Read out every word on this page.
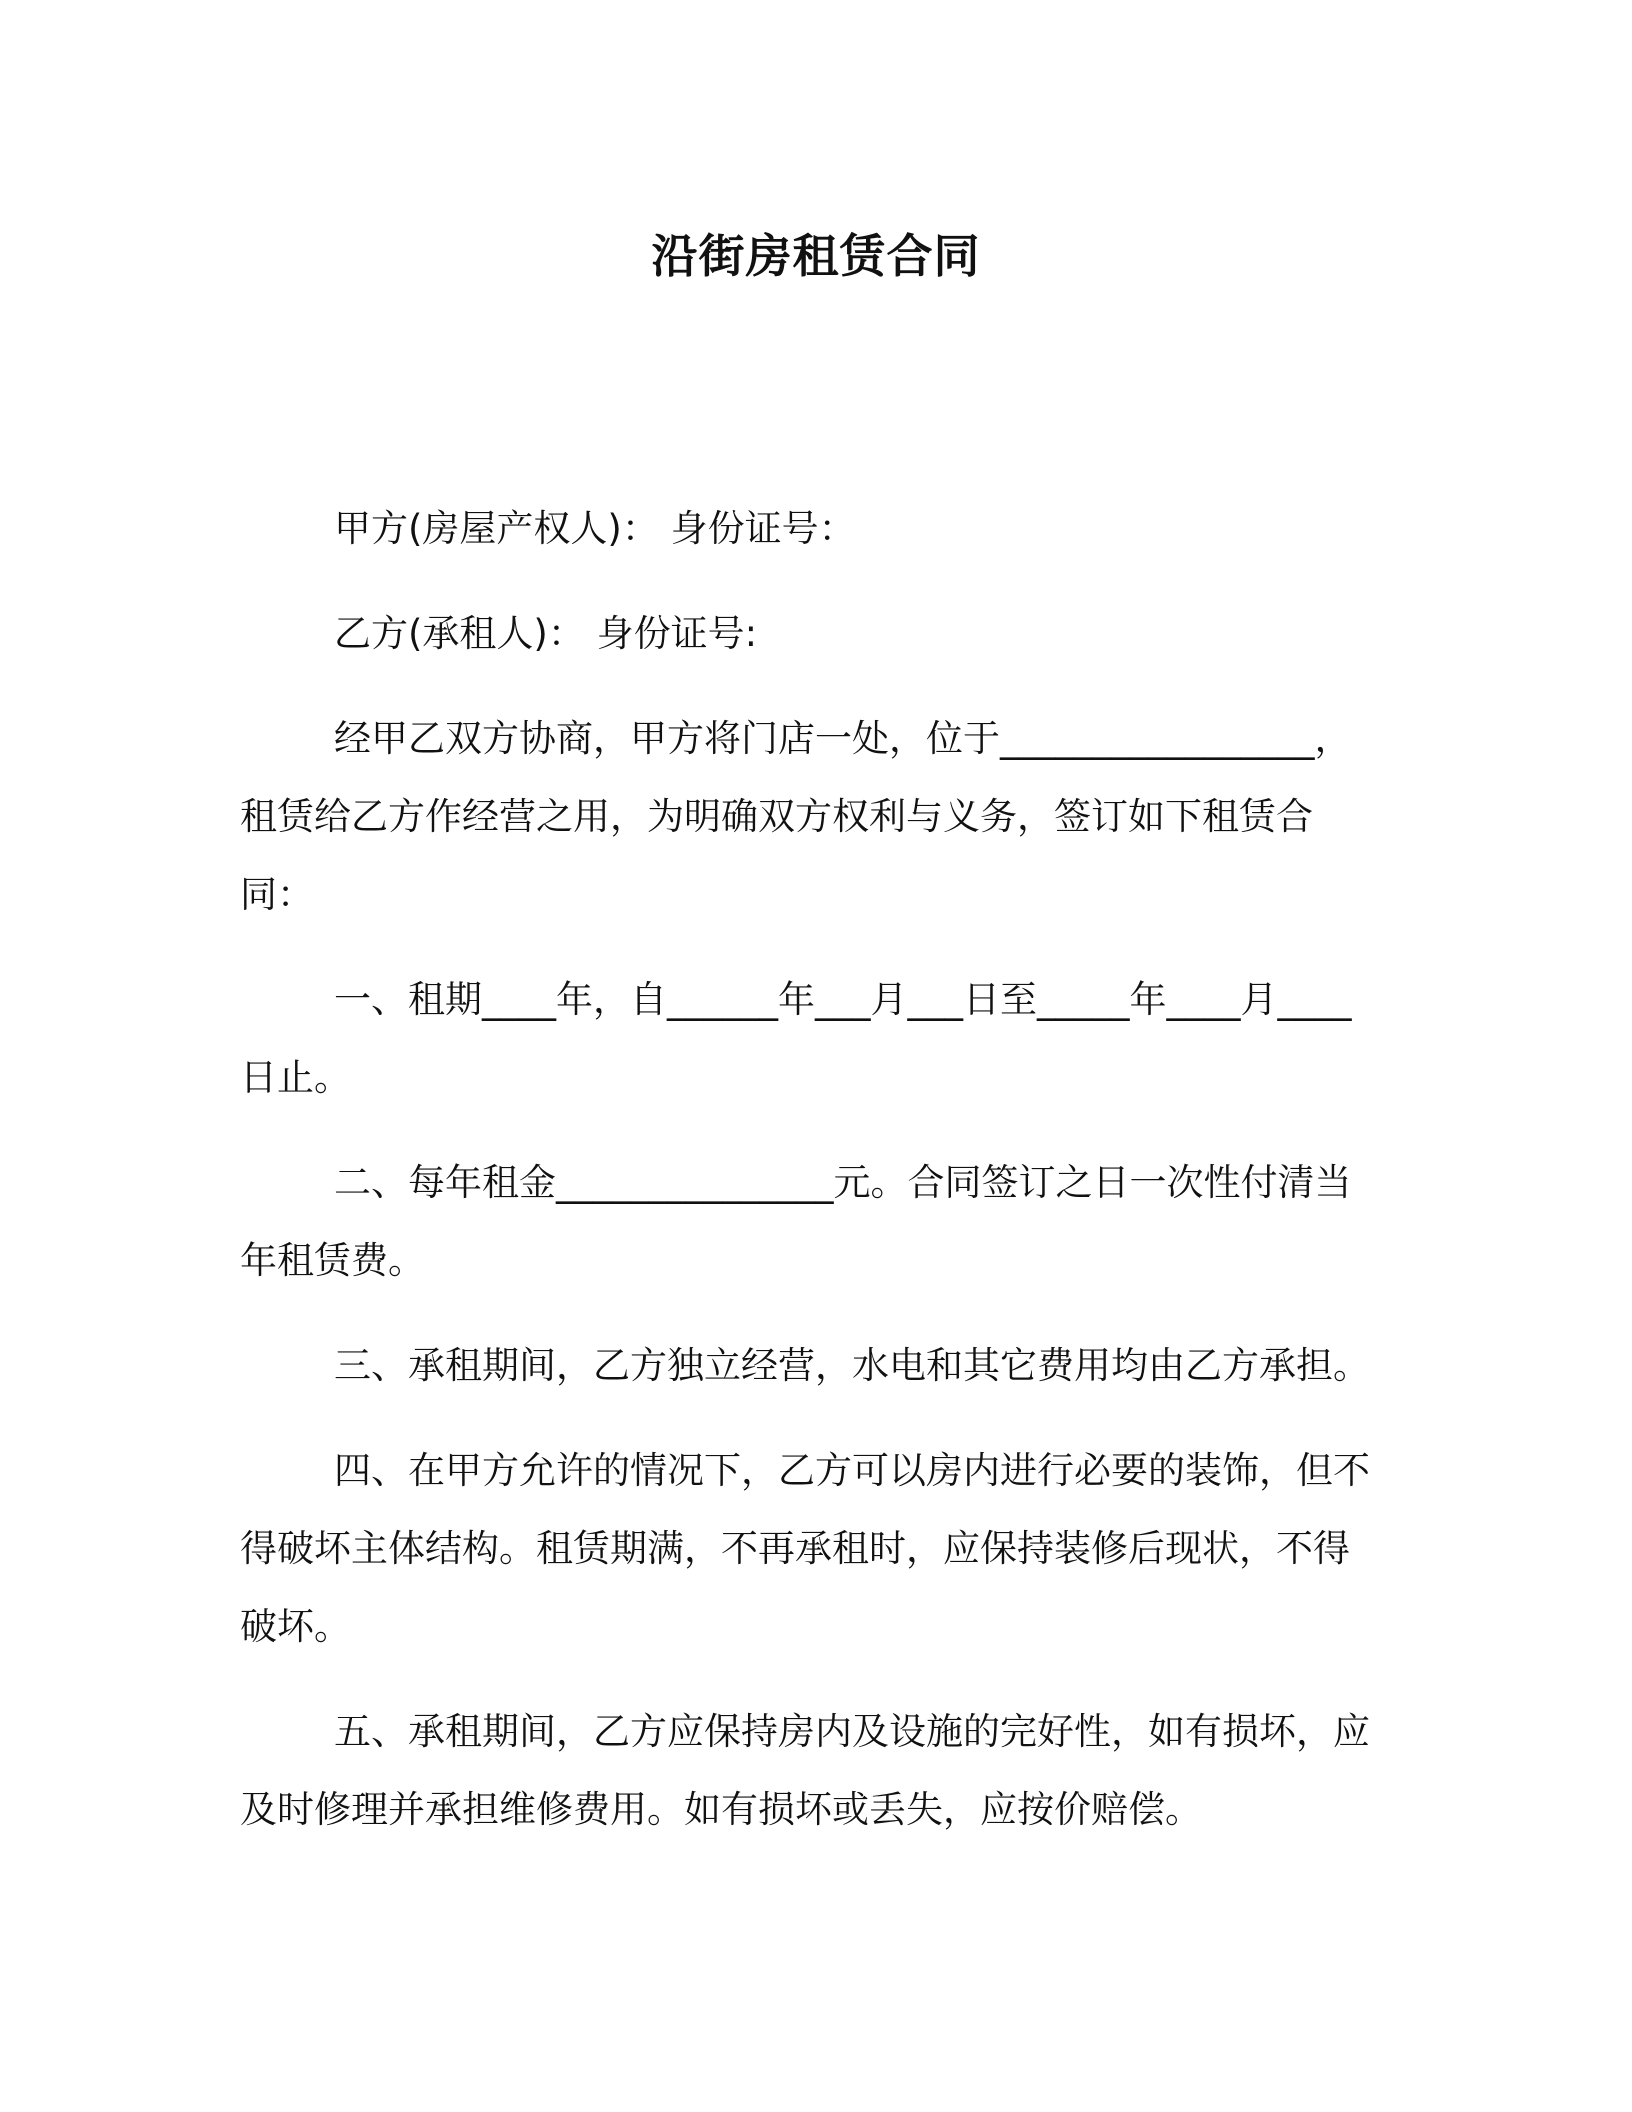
沿街房租赁合同

甲方(房屋产权人)： 身份证号：

乙方(承租人)： 身份证号:

经甲乙双方协商，甲方将门店一处，位于_________________，租赁给乙方作经营之用，为明确双方权利与义务，签订如下租赁合同：

一、租期____年，自______年___月___日至_____年____月____日止。

二、每年租金_______________元。合同签订之日一次性付清当年租赁费。

三、承租期间，乙方独立经营，水电和其它费用均由乙方承担。

四、在甲方允许的情况下，乙方可以房内进行必要的装饰，但不得破坏主体结构。租赁期满，不再承租时，应保持装修后现状，不得破坏。

五、承租期间，乙方应保持房内及设施的完好性，如有损坏，应及时修理并承担维修费用。如有损坏或丢失，应按价赔偿。
